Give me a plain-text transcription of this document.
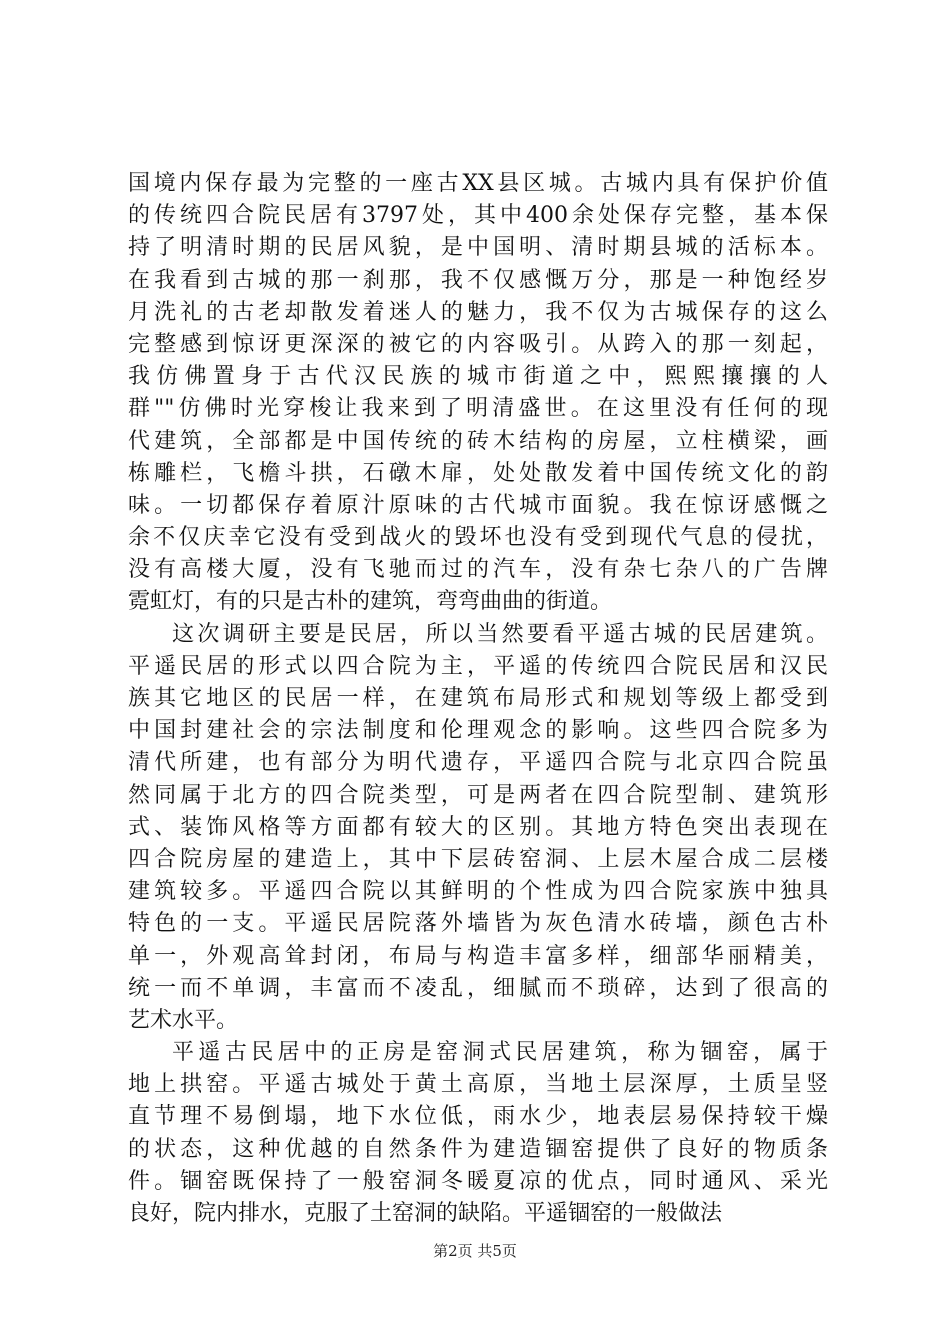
国境内保存最为完整的一座古XX县区城。古城内具有保护价值
的传统四合院民居有3797处，其中400余处保存完整，基本保
持了明清时期的民居风貌，是中国明、清时期县城的活标本。
在我看到古城的那一刹那，我不仅感慨万分，那是一种饱经岁
月洗礼的古老却散发着迷人的魅力，我不仅为古城保存的这么
完整感到惊讶更深深的被它的内容吸引。从跨入的那一刻起，
我仿佛置身于古代汉民族的城市街道之中，熙熙攘攘的人
群""仿佛时光穿梭让我来到了明清盛世。在这里没有任何的现
代建筑，全部都是中国传统的砖木结构的房屋，立柱横梁，画
栋雕栏，飞檐斗拱，石礅木扉，处处散发着中国传统文化的韵
味。一切都保存着原汁原味的古代城市面貌。我在惊讶感慨之
余不仅庆幸它没有受到战火的毁坏也没有受到现代气息的侵扰，
没有高楼大厦，没有飞驰而过的汽车，没有杂七杂八的广告牌
霓虹灯，有的只是古朴的建筑，弯弯曲曲的街道。
这次调研主要是民居，所以当然要看平遥古城的民居建筑。
平遥民居的形式以四合院为主，平遥的传统四合院民居和汉民
族其它地区的民居一样，在建筑布局形式和规划等级上都受到
中国封建社会的宗法制度和伦理观念的影响。这些四合院多为
清代所建，也有部分为明代遗存，平遥四合院与北京四合院虽
然同属于北方的四合院类型，可是两者在四合院型制、建筑形
式、装饰风格等方面都有较大的区别。其地方特色突出表现在
四合院房屋的建造上，其中下层砖窑洞、上层木屋合成二层楼
建筑较多。平遥四合院以其鲜明的个性成为四合院家族中独具
特色的一支。平遥民居院落外墙皆为灰色清水砖墙，颜色古朴
单一，外观高耸封闭，布局与构造丰富多样，细部华丽精美，
统一而不单调，丰富而不凌乱，细腻而不琐碎，达到了很高的
艺术水平。
平遥古民居中的正房是窑洞式民居建筑，称为锢窑，属于
地上拱窑。平遥古城处于黄土高原，当地土层深厚，土质呈竖
直节理不易倒塌，地下水位低，雨水少，地表层易保持较干燥
的状态，这种优越的自然条件为建造锢窑提供了良好的物质条
件。锢窑既保持了一般窑洞冬暖夏凉的优点，同时通风、采光
良好，院内排水，克服了土窑洞的缺陷。平遥锢窑的一般做法
第2页 共5页
